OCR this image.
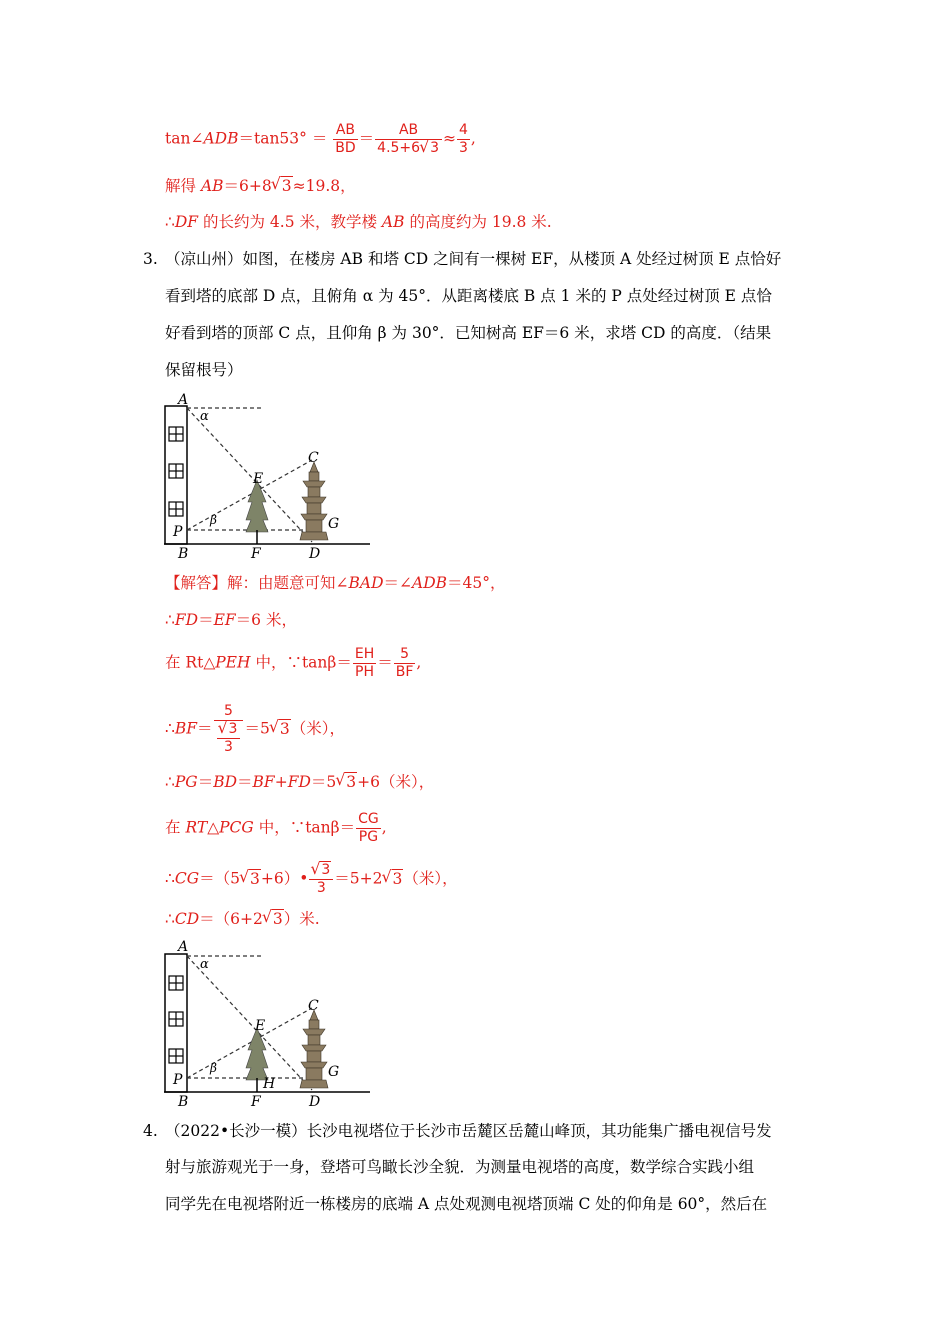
tan∠ADB＝tan53° ＝ $\frac{AB}{BD} = \frac{AB}{4.5+6√ 3} \approx \frac{4}{3}$ ,
解得 AB＝6+8√ 3≈19.8，
∴DF 的长约为 4.5 米，教学楼 AB 的高度约为 19.8 米.
3. （凉山州）如图，在楼房 AB 和塔 CD 之间有一棵树 EF，从楼顶 A 处经过树顶 E 点恰好
看到塔的底部 D 点，且俯角 α 为 45°．从距离楼底 B 点 1 米的 P 点处经过树顶 E 点恰
好看到塔的顶部 C 点，且仰角 β 为 30°．已知树高 EF＝6 米，求塔 CD 的高度．（结果
保留根号）
A
C
E
G
P
B	F	D
α
β
【解答】解：由题意可知∠BAD＝∠ADB＝45°，
∴FD＝EF＝6 米，
在 Rt△PEH 中，∵tanβ＝ $\frac{EH}{PH} = \frac{5}{BF}$ ,
∴BF＝ 5
√ $\frac{3}{3} =5√$ 3（米），
∴PG＝BD＝BF+FD＝5√ 3+6（米），
在 RT△PCG 中，∵tanβ＝ $\frac{CG}{PG}$ ,
∴CG＝（5√ 3+6）•
√ $\frac{3}{3} =5+2√$ 3（米），
∴CD＝（6+2√ 3）米.
A
C
E
G
P	H
B	F	D
α
β
4. （2022•长沙一模）长沙电视塔位于长沙市岳麓区岳麓山峰顶，其功能集广播电视信号发
射与旅游观光于一身，登塔可鸟瞰长沙全貌．为测量电视塔的高度，数学综合实践小组
同学先在电视塔附近一栋楼房的底端 A 点处观测电视塔顶端 C 处的仰角是 60°，然后在
